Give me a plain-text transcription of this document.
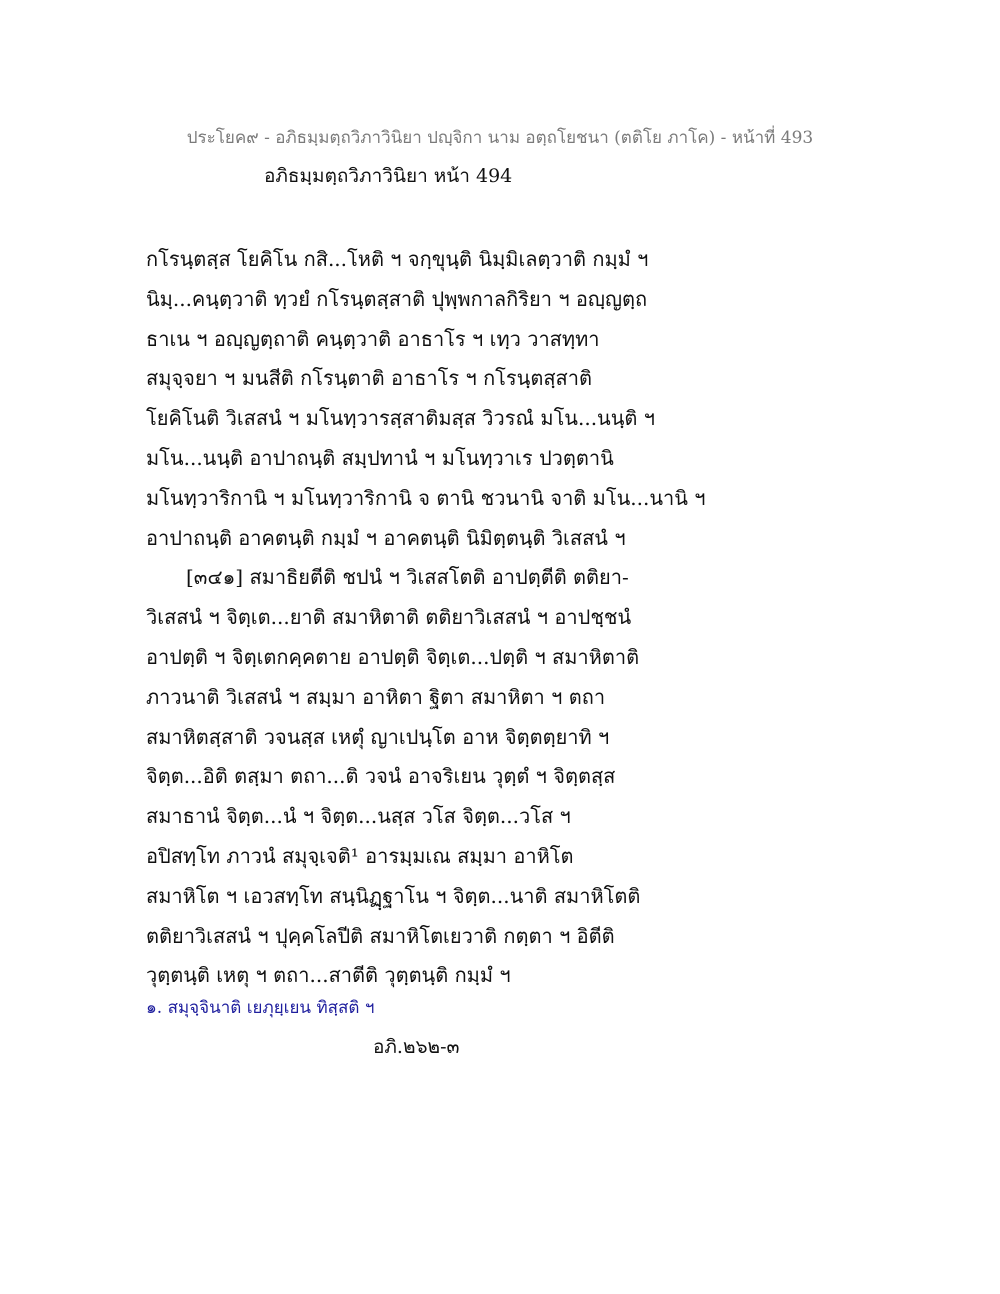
ประโยค๙ - อภิธมฺมตฺถวิภาวินิยา ปญฺจิกา นาม อตฺถโยชนา (ตติโย ภาโค) - หน้าที่ 493
อภิธมฺมตฺถวิภาวินิยา หน้า 494
กโรนฺตสฺส โยคิโน กสิ...โหติ ฯ จกฺขุนฺติ นิมฺมิเลตฺวาติ กมฺมํ ฯ
นิมฺ...คนฺตฺวาติ ทฺวยํ กโรนฺตสฺสาติ ปุพฺพกาลกิริยา ฯ อญฺญตฺถ
ธาเน ฯ อญฺญตฺถาติ คนฺตฺวาติ อาธาโร ฯ เทฺว วาสทฺทา
สมุจฺจยา ฯ มนสีติ กโรนฺตาติ อาธาโร ฯ กโรนฺตสฺสาติ
โยคิโนติ วิเสสนํ ฯ มโนทฺวารสฺสาติมสฺส วิวรณํ มโน...นนฺติ ฯ
มโน...นนฺติ อาปาถนฺติ สมฺปทานํ ฯ มโนทฺวาเร ปวตฺตานิ
มโนทฺวาริกานิ ฯ มโนทฺวาริกานิ จ ตานิ ชวนานิ จาติ มโน...นานิ ฯ
อาปาถนฺติ อาคตนฺติ กมฺมํ ฯ อาคตนฺติ นิมิตฺตนฺติ วิเสสนํ ฯ
[๓๔๑] สมาธิยตีติ ชปนํ ฯ วิเสสโตติ อาปตฺตีติ ตติยา-
วิเสสนํ ฯ จิตฺเต...ยาติ สมาหิตาติ ตติยาวิเสสนํ ฯ อาปชฺชนํ
อาปตฺติ ฯ จิตฺเตกคฺคตาย อาปตฺติ จิตฺเต...ปตฺติ ฯ สมาหิตาติ
ภาวนาติ วิเสสนํ ฯ สมฺมา อาหิตา ฐิตา สมาหิตา ฯ ตถา
สมาหิตสฺสาติ วจนสฺส เหตุํ ญาเปนฺโต อาห จิตฺตตฺยาทิ ฯ
จิตฺต...อิติ ตสฺมา ตถา...ติ วจนํ อาจริเยน วุตฺตํ ฯ จิตฺตสฺส
สมาธานํ จิตฺต...นํ ฯ จิตฺต...นสฺส วโส จิตฺต...วโส ฯ
อปิสทฺโท ภาวนํ สมุจฺเจติ¹ อารมฺมเณ สมฺมา อาหิโต
สมาหิโต ฯ เอวสทฺโท สนฺนิฏฺฐาโน ฯ จิตฺต...นาติ สมาหิโตติ
ตติยาวิเสสนํ ฯ ปุคฺคโลปีติ สมาหิโตเยวาติ กตฺตา ฯ อิตีติ
วุตฺตนฺติ เหตุ ฯ ตถา...สาตีติ วุตฺตนฺติ กมฺมํ ฯ
๑. สมุจฺจินาติ เยภุยฺเยน ทิสฺสติ ฯ
อภิ.๒๖๒-๓
